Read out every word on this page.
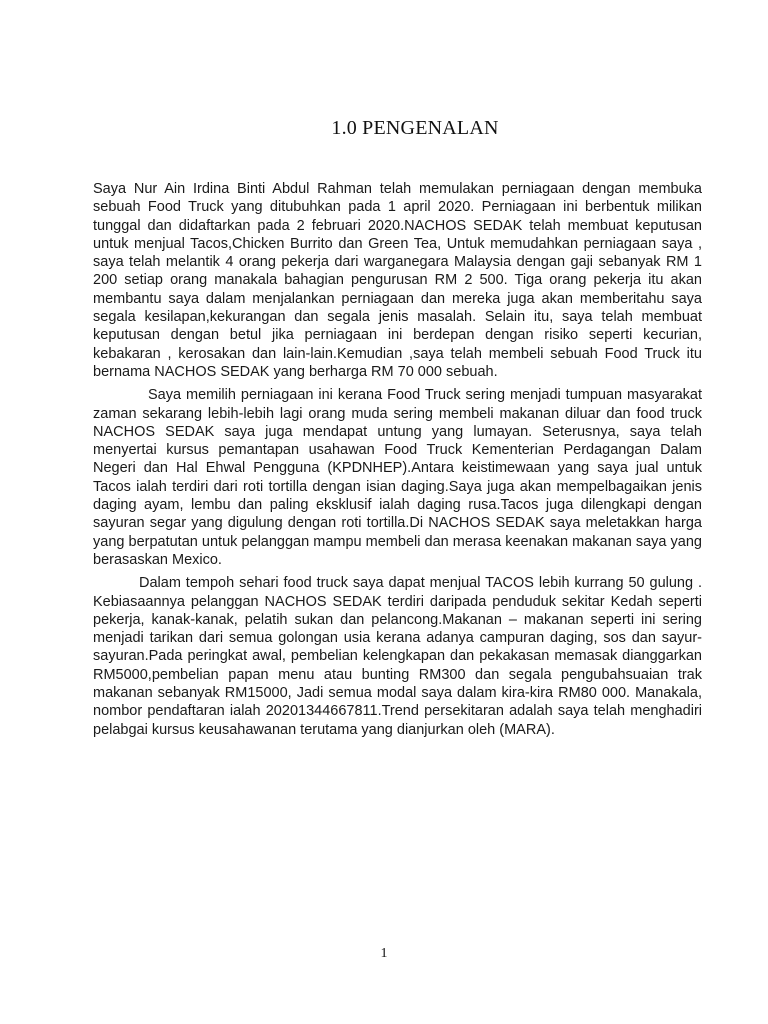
1.0 PENGENALAN

Saya Nur Ain Irdina Binti Abdul Rahman telah memulakan perniagaan dengan membuka sebuah Food Truck yang ditubuhkan pada 1 april 2020. Perniagaan ini berbentuk milikan tunggal dan didaftarkan pada 2 februari 2020.NACHOS SEDAK telah membuat keputusan untuk menjual Tacos,Chicken Burrito dan Green Tea, Untuk memudahkan perniagaan saya , saya telah melantik 4 orang pekerja dari warganegara Malaysia dengan gaji sebanyak RM 1 200 setiap orang manakala bahagian pengurusan RM 2 500. Tiga orang pekerja itu akan membantu saya dalam menjalankan perniagaan dan mereka juga akan memberitahu saya segala kesilapan,kekurangan dan segala jenis masalah. Selain itu, saya telah membuat keputusan dengan betul jika perniagaan ini berdepan dengan risiko seperti kecurian, kebakaran , kerosakan dan lain-lain.Kemudian ,saya telah membeli sebuah Food Truck itu bernama NACHOS SEDAK yang berharga RM 70 000 sebuah.

Saya memilih perniagaan ini kerana Food Truck sering menjadi tumpuan masyarakat zaman sekarang lebih-lebih lagi orang muda sering membeli makanan diluar dan food truck NACHOS SEDAK saya juga mendapat untung yang lumayan. Seterusnya, saya telah menyertai kursus pemantapan usahawan Food Truck Kementerian Perdagangan Dalam Negeri dan Hal Ehwal Pengguna (KPDNHEP).Antara keistimewaan yang saya jual untuk Tacos ialah terdiri dari roti tortilla dengan isian daging.Saya juga akan mempelbagaikan jenis daging ayam, lembu dan paling eksklusif ialah daging rusa.Tacos juga dilengkapi dengan sayuran segar yang digulung dengan roti tortilla.Di NACHOS SEDAK saya meletakkan harga yang berpatutan untuk pelanggan mampu membeli dan merasa keenakan makanan saya yang berasaskan Mexico.

Dalam tempoh sehari food truck saya dapat menjual TACOS lebih kurrang 50 gulung . Kebiasaannya pelanggan NACHOS SEDAK terdiri daripada penduduk sekitar Kedah seperti pekerja, kanak-kanak, pelatih sukan dan pelancong.Makanan – makanan seperti ini sering menjadi tarikan dari semua golongan usia kerana adanya campuran daging, sos dan sayur-sayuran.Pada peringkat awal, pembelian kelengkapan dan pekakasan memasak dianggarkan RM5000,pembelian papan menu atau bunting RM300 dan segala pengubahsuaian trak makanan sebanyak RM15000, Jadi semua modal saya dalam kira-kira RM80 000. Manakala, nombor pendaftaran ialah 20201344667811.Trend persekitaran adalah saya telah menghadiri pelabgai kursus keusahawanan terutama yang dianjurkan oleh (MARA).

1
